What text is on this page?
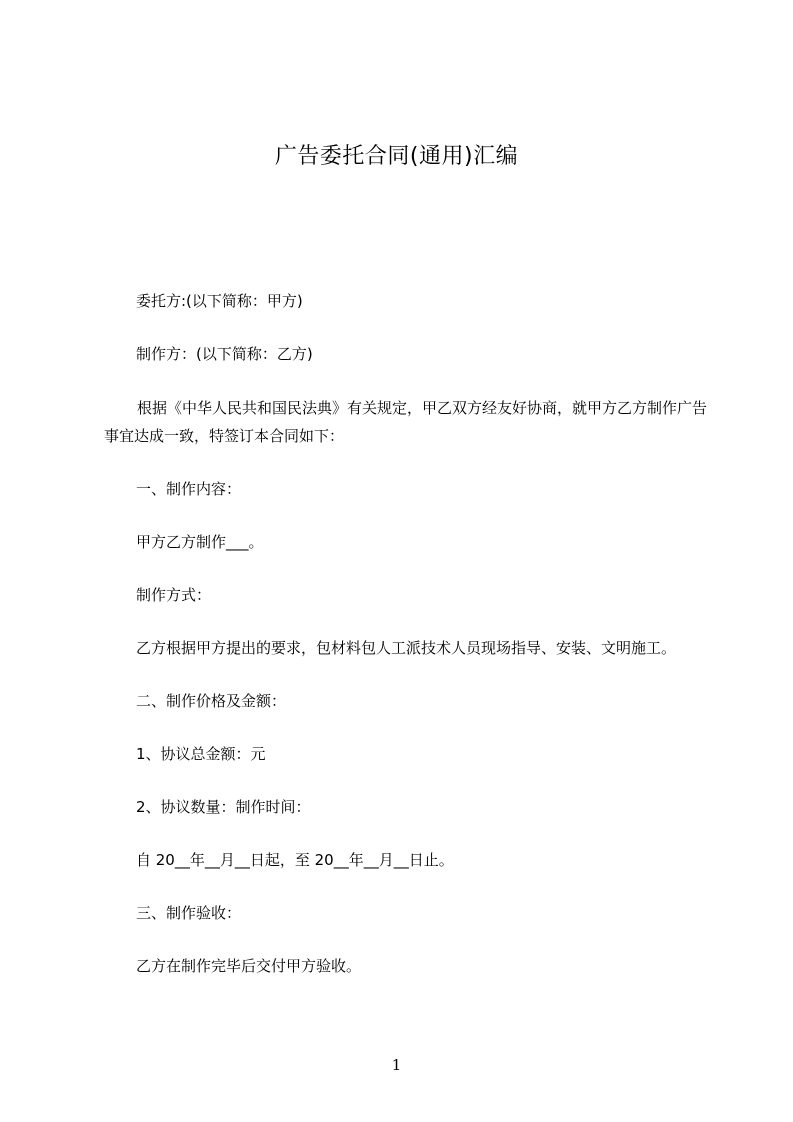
广告委托合同(通用)汇编
委托方:(以下简称：甲方)
制作方：(以下简称：乙方)
根据《中华人民共和国民法典》有关规定，甲乙双方经友好协商，就甲方乙方制作广告事宜达成一致，特签订本合同如下：
一、制作内容：
甲方乙方制作___。
制作方式：
乙方根据甲方提出的要求，包材料包人工派技术人员现场指导、安装、文明施工。
二、制作价格及金额：
1、协议总金额：元
2、协议数量：制作时间：
自 20__年__月__日起，至 20__年__月__日止。
三、制作验收：
乙方在制作完毕后交付甲方验收。
1
